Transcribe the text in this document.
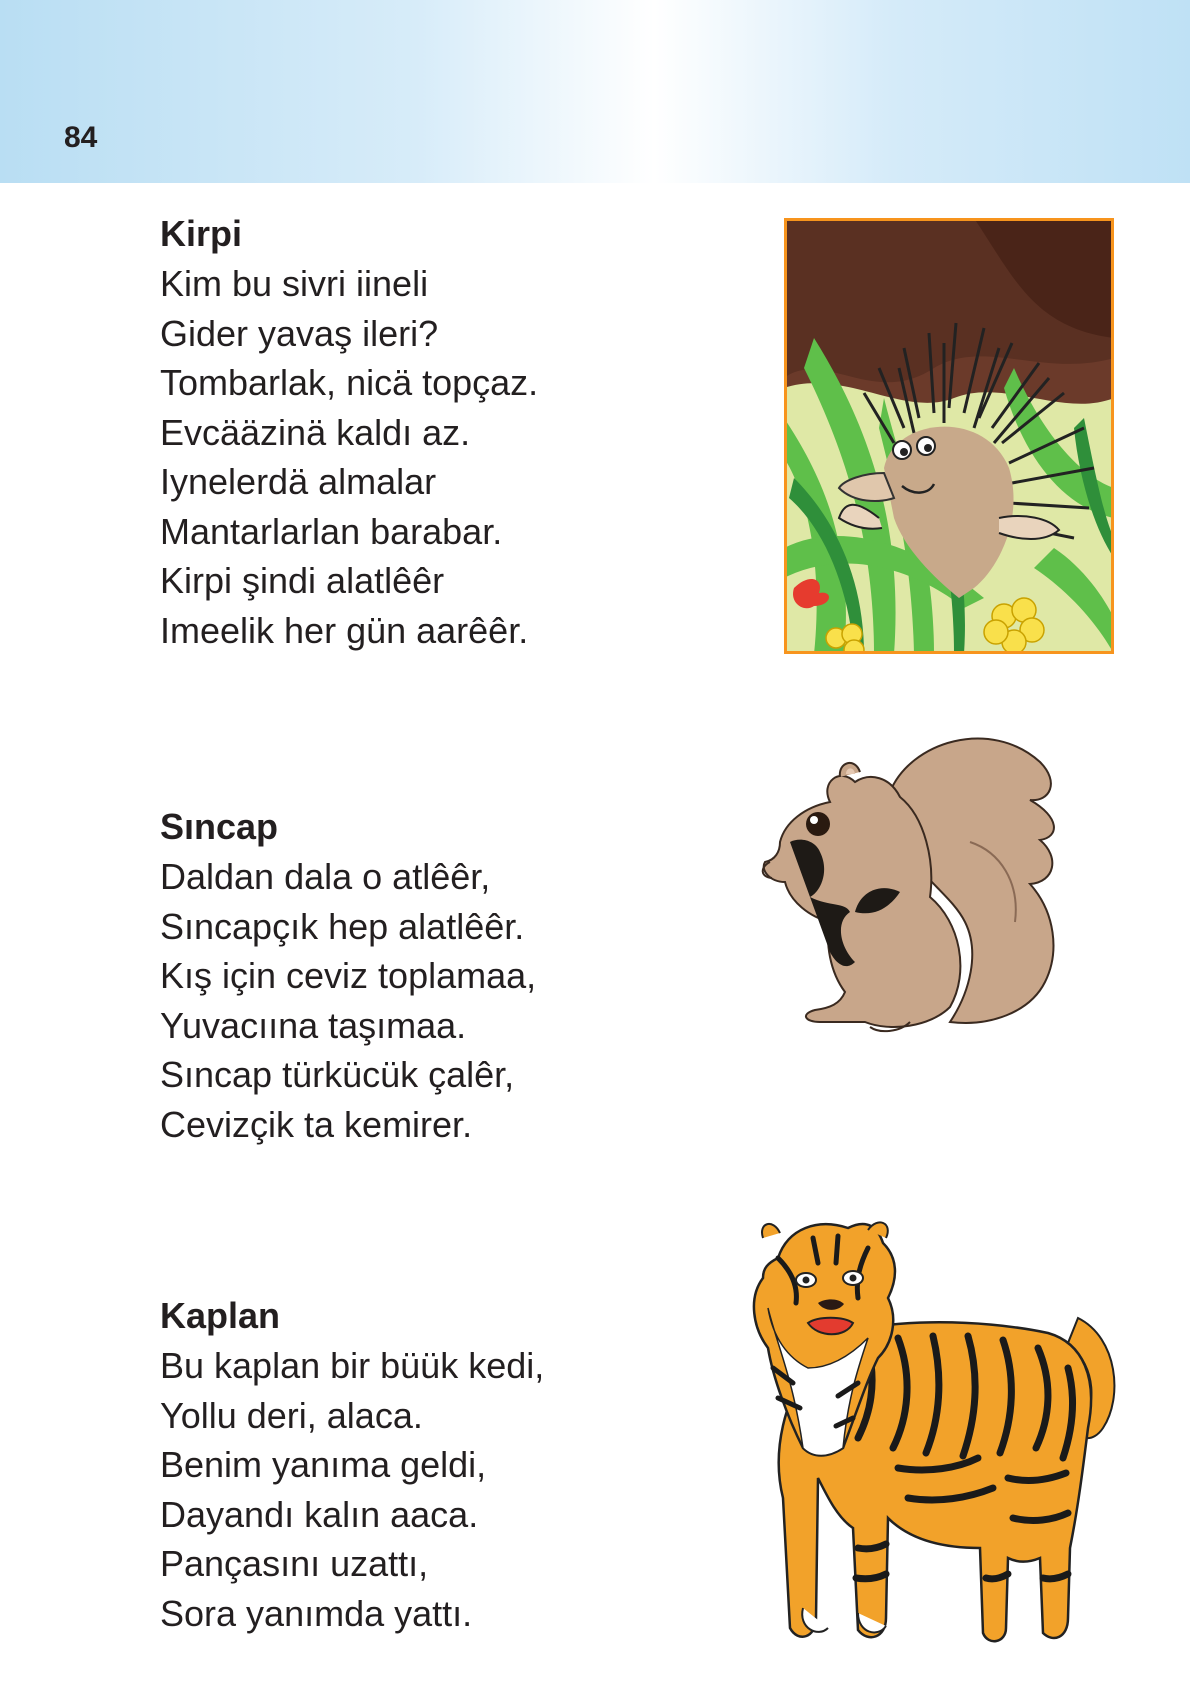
84

Kirpi

Kim bu sivri iineli

Gider yavaş ileri?

Tombarlak, nicä topçaz.

Evcääzinä kaldı az.

Iynelerdä almalar

Mantarlarlan barabar.

Kirpi şindi alatlêêr

Imeelik her gün aarêêr.

Sıncap

Daldan dala o atlêêr,

Sıncapçık hep alatlêêr.

Kış için ceviz toplamaa,

Yuvacıına taşımaa.

Sıncap türkücük çalêr,

Cevizçik ta kemirer.

Kaplan

Bu kaplan bir büük kedi,

Yollu deri, alaca.

Benim yanıma geldi,

Dayandı kalın aaca.

Pançasını uzattı,

Sora yanımda yattı.
